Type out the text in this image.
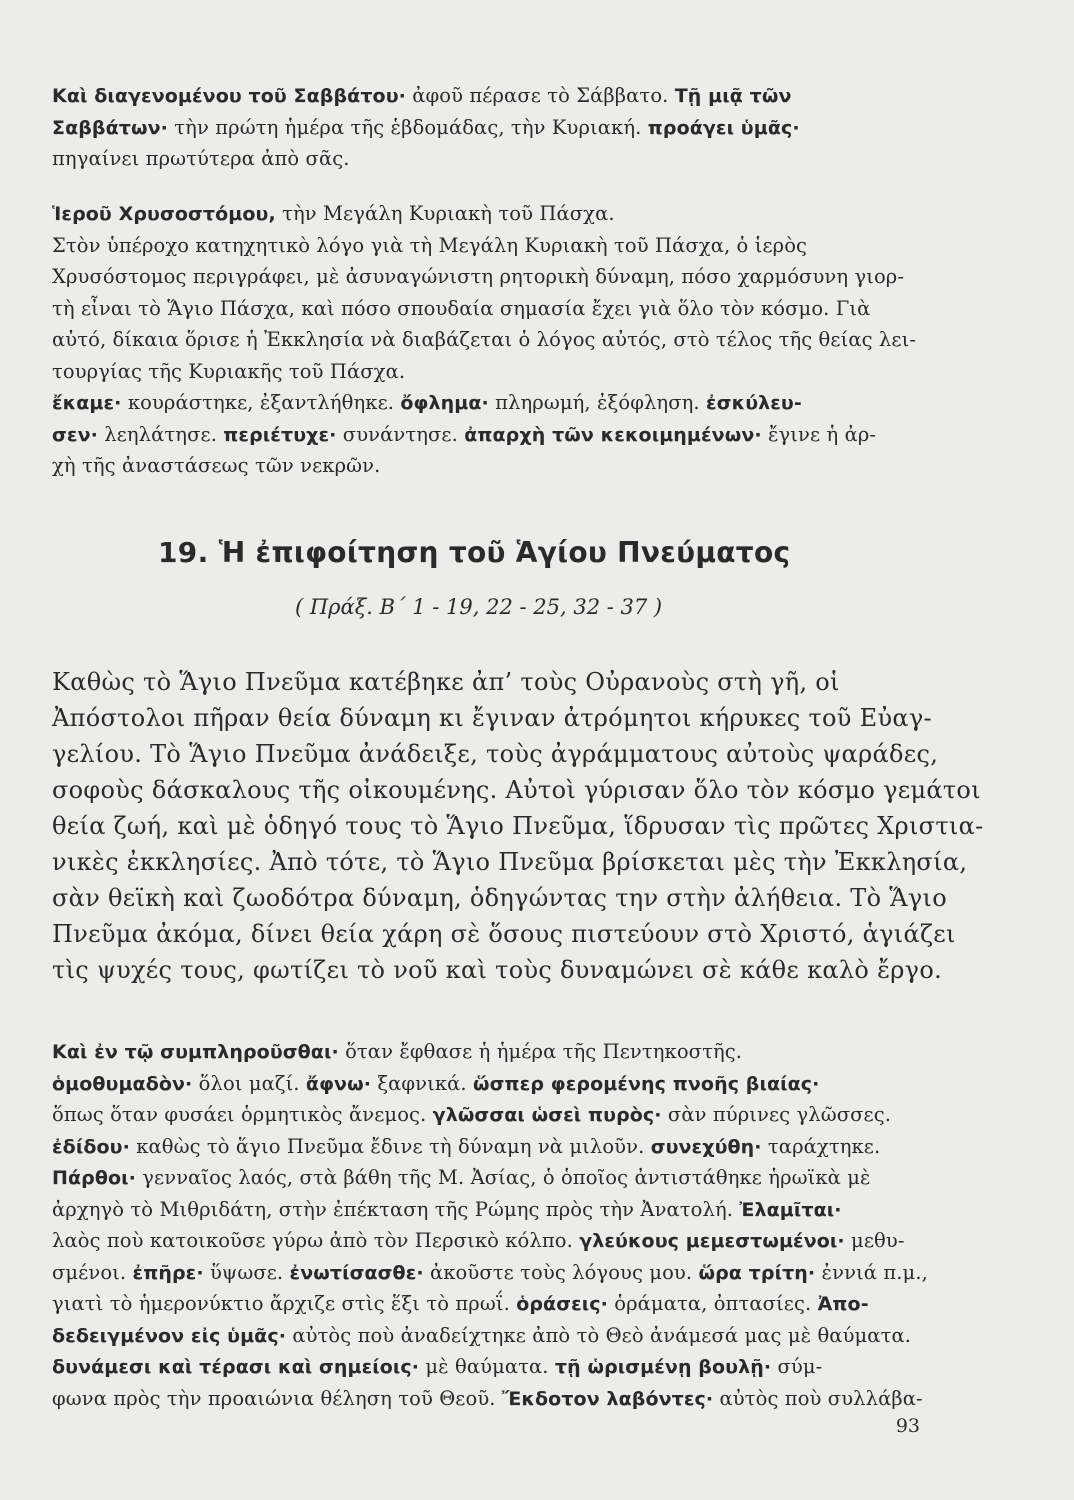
Καὶ διαγενομένου τοῦ Σαββάτου· ἀφοῦ πέρασε τὸ Σάββατο. Τῇ μιᾷ τῶν
Σαββάτων· τὴν πρώτη ἡμέρα τῆς ἑβδομάδας, τὴν Κυριακή. προάγει ὑμᾶς·
πηγαίνει πρωτύτερα ἀπὸ σᾶς.
Ἱεροῦ Χρυσοστόμου, τὴν Μεγάλη Κυριακὴ τοῦ Πάσχα.
Στὸν ὑπέροχο κατηχητικὸ λόγο γιὰ τὴ Μεγάλη Κυριακὴ τοῦ Πάσχα, ὁ ἱερὸς
Χρυσόστομος περιγράφει, μὲ ἀσυναγώνιστη ρητορικὴ δύναμη, πόσο χαρμόσυνη γιορ-
τὴ εἶναι τὸ Ἅγιο Πάσχα, καὶ πόσο σπουδαία σημασία ἔχει γιὰ ὅλο τὸν κόσμο. Γιὰ
αὐτό, δίκαια ὅρισε ἡ Ἐκκλησία νὰ διαβάζεται ὁ λόγος αὐτός, στὸ τέλος τῆς θείας λει-
τουργίας τῆς Κυριακῆς τοῦ Πάσχα.
ἔκαμε· κουράστηκε, ἐξαντλήθηκε. ὄφλημα· πληρωμή, ἐξόφληση. ἐσκύλευ-
σεν· λεηλάτησε. περιέτυχε· συνάντησε. ἀπαρχὴ τῶν κεκοιμημένων· ἔγινε ἡ ἀρ-
χὴ τῆς ἀναστάσεως τῶν νεκρῶν.
19. Ἡ ἐπιφοίτηση τοῦ Ἁγίου Πνεύματος
( Πράξ. Β΄ 1 - 19, 22 - 25, 32 - 37 )
Καθὼς τὸ Ἅγιο Πνεῦμα κατέβηκε ἀπ’ τοὺς Οὐρανοὺς στὴ γῆ, οἱ
Ἀπόστολοι πῆραν θεία δύναμη κι ἔγιναν ἀτρόμητοι κήρυκες τοῦ Εὐαγ-
γελίου. Τὸ Ἅγιο Πνεῦμα ἀνάδειξε, τοὺς ἀγράμματους αὐτοὺς ψαράδες,
σοφοὺς δάσκαλους τῆς οἰκουμένης. Αὐτοὶ γύρισαν ὅλο τὸν κόσμο γεμάτοι
θεία ζωή, καὶ μὲ ὁδηγό τους τὸ Ἅγιο Πνεῦμα, ἵδρυσαν τὶς πρῶτες Χριστια-
νικὲς ἐκκλησίες. Ἀπὸ τότε, τὸ Ἅγιο Πνεῦμα βρίσκεται μὲς τὴν Ἐκκλησία,
σὰν θεϊκὴ καὶ ζωοδότρα δύναμη, ὁδηγώντας την στὴν ἀλήθεια. Τὸ Ἅγιο
Πνεῦμα ἀκόμα, δίνει θεία χάρη σὲ ὅσους πιστεύουν στὸ Χριστό, ἁγιάζει
τὶς ψυχές τους, φωτίζει τὸ νοῦ καὶ τοὺς δυναμώνει σὲ κάθε καλὸ ἔργο.
Καὶ ἐν τῷ συμπληροῦσθαι· ὅταν ἔφθασε ἡ ἡμέρα τῆς Πεντηκοστῆς.
ὁμοθυμαδὸν· ὅλοι μαζί. ἄφνω· ξαφνικά. ὥσπερ φερομένης πνοῆς βιαίας·
ὅπως ὅταν φυσάει ὁρμητικὸς ἄνεμος. γλῶσσαι ὡσεὶ πυρὸς· σὰν πύρινες γλῶσσες.
ἐδίδου· καθὼς τὸ ἅγιο Πνεῦμα ἔδινε τὴ δύναμη νὰ μιλοῦν. συνεχύθη· ταράχτηκε.
Πάρθοι· γενναῖος λαός, στὰ βάθη τῆς Μ. Ἀσίας, ὁ ὁποῖος ἀντιστάθηκε ἡρωϊκὰ μὲ
ἀρχηγὸ τὸ Μιθριδάτη, στὴν ἐπέκταση τῆς Ρώμης πρὸς τὴν Ἀνατολή. Ἐλαμῖται·
λαὸς ποὺ κατοικοῦσε γύρω ἀπὸ τὸν Περσικὸ κόλπο. γλεύκους μεμεστωμένοι· μεθυ-
σμένοι. ἐπῆρε· ὕψωσε. ἐνωτίσασθε· ἀκοῦστε τοὺς λόγους μου. ὥρα τρίτη· ἐννιά π.μ.,
γιατὶ τὸ ἡμερονύκτιο ἄρχιζε στὶς ἕξι τὸ πρωΐ. ὁράσεις· ὁράματα, ὀπτασίες. Ἀπο-
δεδειγμένον εἰς ὑμᾶς· αὐτὸς ποὺ ἀναδείχτηκε ἀπὸ τὸ Θεὸ ἀνάμεσά μας μὲ θαύματα.
δυνάμεσι καὶ τέρασι καὶ σημείοις· μὲ θαύματα. τῇ ὡρισμένῃ βουλῇ· σύμ-
φωνα πρὸς τὴν προαιώνια θέληση τοῦ Θεοῦ. Ἔκδοτον λαβόντες· αὐτὸς ποὺ συλλάβα-
93
